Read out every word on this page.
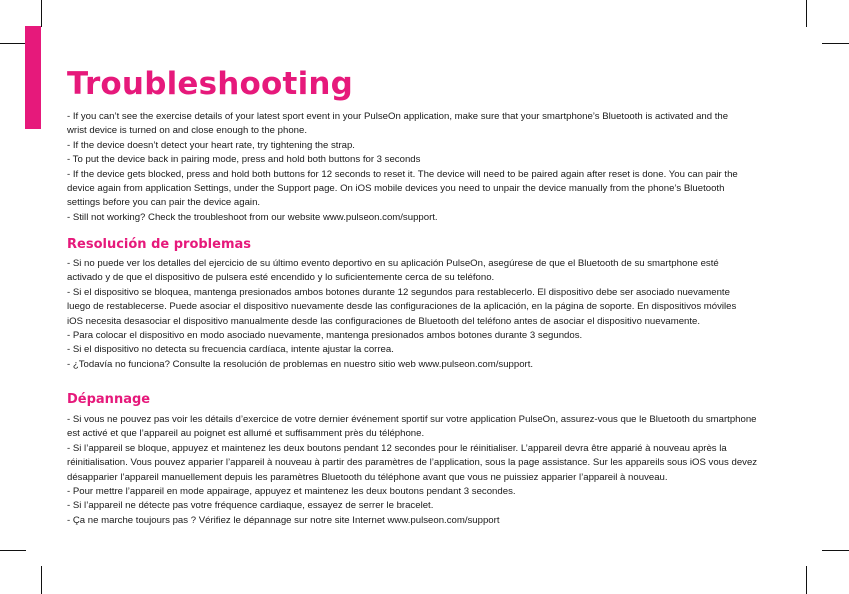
Troubleshooting
- If you can’t see the exercise details of your latest sport event in your PulseOn application, make sure that your smartphone’s Bluetooth is activated and the
wrist device is turned on and close enough to the phone.
- If the device doesn’t detect your heart rate, try tightening the strap.
- To put the device back in pairing mode, press and hold both buttons for 3 seconds
- If the device gets blocked, press and hold both buttons for 12 seconds to reset it. The device will need to be paired again after reset is done. You can pair the
device again from application Settings, under the Support page. On iOS mobile devices you need to unpair the device manually from the phone’s Bluetooth
settings before you can pair the device again.
- Still not working? Check the troubleshoot from our website www.pulseon.com/support.
Resolución de problemas
- Si no puede ver los detalles del ejercicio de su último evento deportivo en su aplicación PulseOn, asegúrese de que el Bluetooth de su smartphone esté
activado y de que el dispositivo de pulsera esté encendido y lo suficientemente cerca de su teléfono.
- Si el dispositivo se bloquea, mantenga presionados ambos botones durante 12 segundos para restablecerlo. El dispositivo debe ser asociado nuevamente
luego de restablecerse. Puede asociar el dispositivo nuevamente desde las configuraciones de la aplicación, en la página de soporte. En dispositivos móviles
iOS necesita desasociar el dispositivo manualmente desde las configuraciones de Bluetooth del teléfono antes de asociar el dispositivo nuevamente.
- Para colocar el dispositivo en modo asociado nuevamente, mantenga presionados ambos botones durante 3 segundos.
- Si el dispositivo no detecta su frecuencia cardíaca, intente ajustar la correa.
- ¿Todavía no funciona? Consulte la resolución de problemas en nuestro sitio web www.pulseon.com/support.
Dépannage
- Si vous ne pouvez pas voir les détails d’exercice de votre dernier événement sportif sur votre application PulseOn, assurez-vous que le Bluetooth du smartphone
est activé et que l’appareil au poignet est allumé et suffisamment près du téléphone.
- Si l’appareil se bloque, appuyez et maintenez les deux boutons pendant 12 secondes pour le réinitialiser. L’appareil devra être apparié à nouveau après la
réinitialisation. Vous pouvez apparier l’appareil à nouveau à partir des paramètres de l’application, sous la page assistance. Sur les appareils sous iOS vous devez
désapparier l’appareil manuellement depuis les paramètres Bluetooth du téléphone avant que vous ne puissiez apparier l’appareil à nouveau.
- Pour mettre l’appareil en mode appairage, appuyez et maintenez les deux boutons pendant 3 secondes.
- Si l’appareil ne détecte pas votre fréquence cardiaque, essayez de serrer le bracelet.
- Ça ne marche toujours pas ? Vérifiez le dépannage sur notre site Internet www.pulseon.com/support
